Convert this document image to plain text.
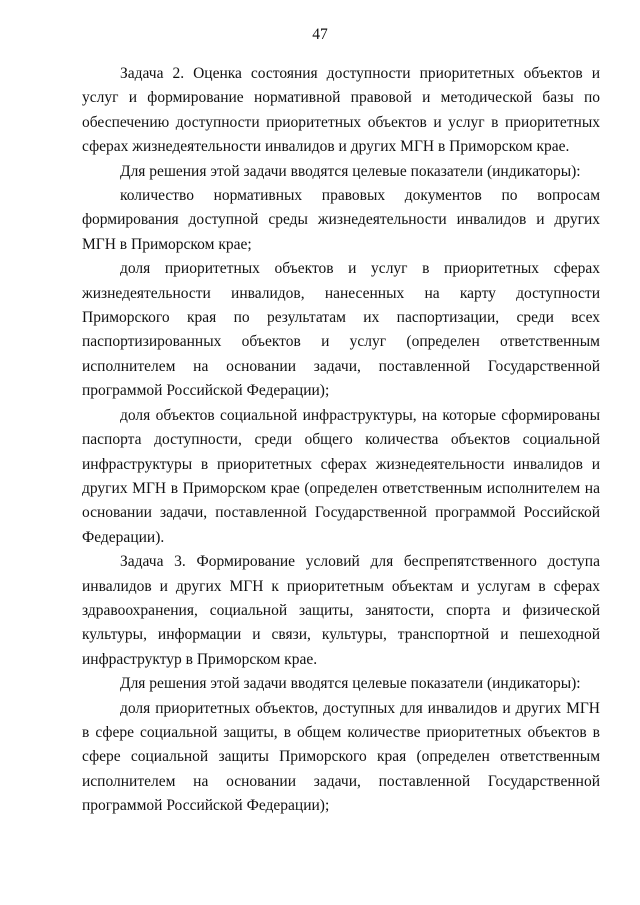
47

Задача 2. Оценка состояния доступности приоритетных объектов и услуг и формирование нормативной правовой и методической базы по обеспечению доступности приоритетных объектов и услуг в приоритетных сферах жизнедеятельности инвалидов и других МГН в Приморском крае.

Для решения этой задачи вводятся целевые показатели (индикаторы):

количество нормативных правовых документов по вопросам формирования доступной среды жизнедеятельности инвалидов и других МГН в Приморском крае;

доля приоритетных объектов и услуг в приоритетных сферах жизнедеятельности инвалидов, нанесенных на карту доступности Приморского края по результатам их паспортизации, среди всех паспортизированных объектов и услуг (определен ответственным исполнителем на основании задачи, поставленной Государственной программой Российской Федерации);

доля объектов социальной инфраструктуры, на которые сформированы паспорта доступности, среди общего количества объектов социальной инфраструктуры в приоритетных сферах жизнедеятельности инвалидов и других МГН в Приморском крае (определен ответственным исполнителем на основании задачи, поставленной Государственной программой Российской Федерации).

Задача 3. Формирование условий для беспрепятственного доступа инвалидов и других МГН к приоритетным объектам и услугам в сферах здравоохранения, социальной защиты, занятости, спорта и физической культуры, информации и связи, культуры, транспортной и пешеходной инфраструктур в Приморском крае.

Для решения этой задачи вводятся целевые показатели (индикаторы):

доля приоритетных объектов, доступных для инвалидов и других МГН в сфере социальной защиты, в общем количестве приоритетных объектов в сфере социальной защиты Приморского края (определен ответственным исполнителем на основании задачи, поставленной Государственной программой Российской Федерации);
